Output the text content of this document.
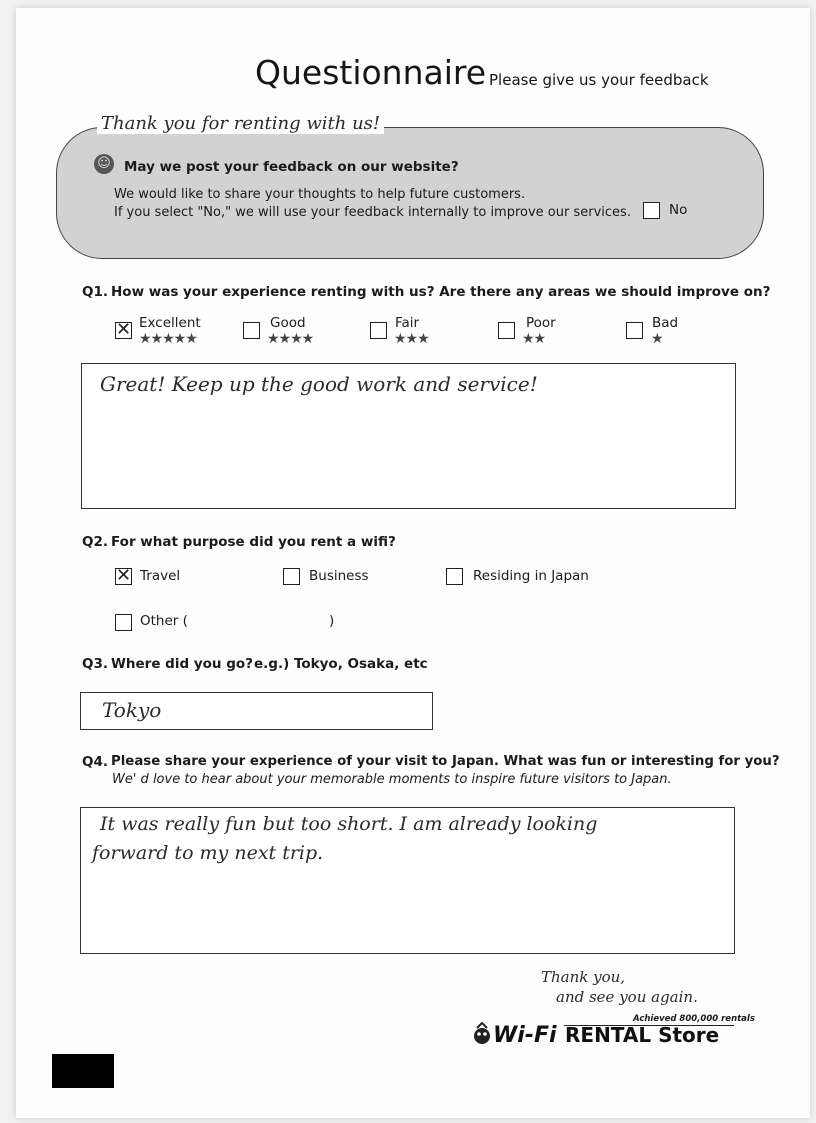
Questionnaire Please give us your feedback
Thank you for renting with us!
☺ May we post your feedback on our website?
We would like to share your thoughts to help future customers.
If you select "No," we will use your feedback internally to improve our services.	No
Q1. How was your experience renting with us? Are there any areas we should improve on?
✕ Excellent
★★★★★
Good
★★★★
Fair
★★★
Poor
★★
Bad
★
Great! Keep up the good work and service!
Q2. For what purpose did you rent a wifi?
✕ Travel	Business	Residing in Japan
Other (	)
Q3. Where did you go? e.g.) Tokyo, Osaka, etc
Tokyo
Q4. Please share your experience of your visit to Japan. What was fun or interesting for you?
We' d love to hear about your memorable moments to inspire future visitors to Japan.
It was really fun but too short. I am already looking
forward to my next trip.
Thank you,
and see you again.
Achieved 800,000 rentals
Wi-Fi RENTAL Store
